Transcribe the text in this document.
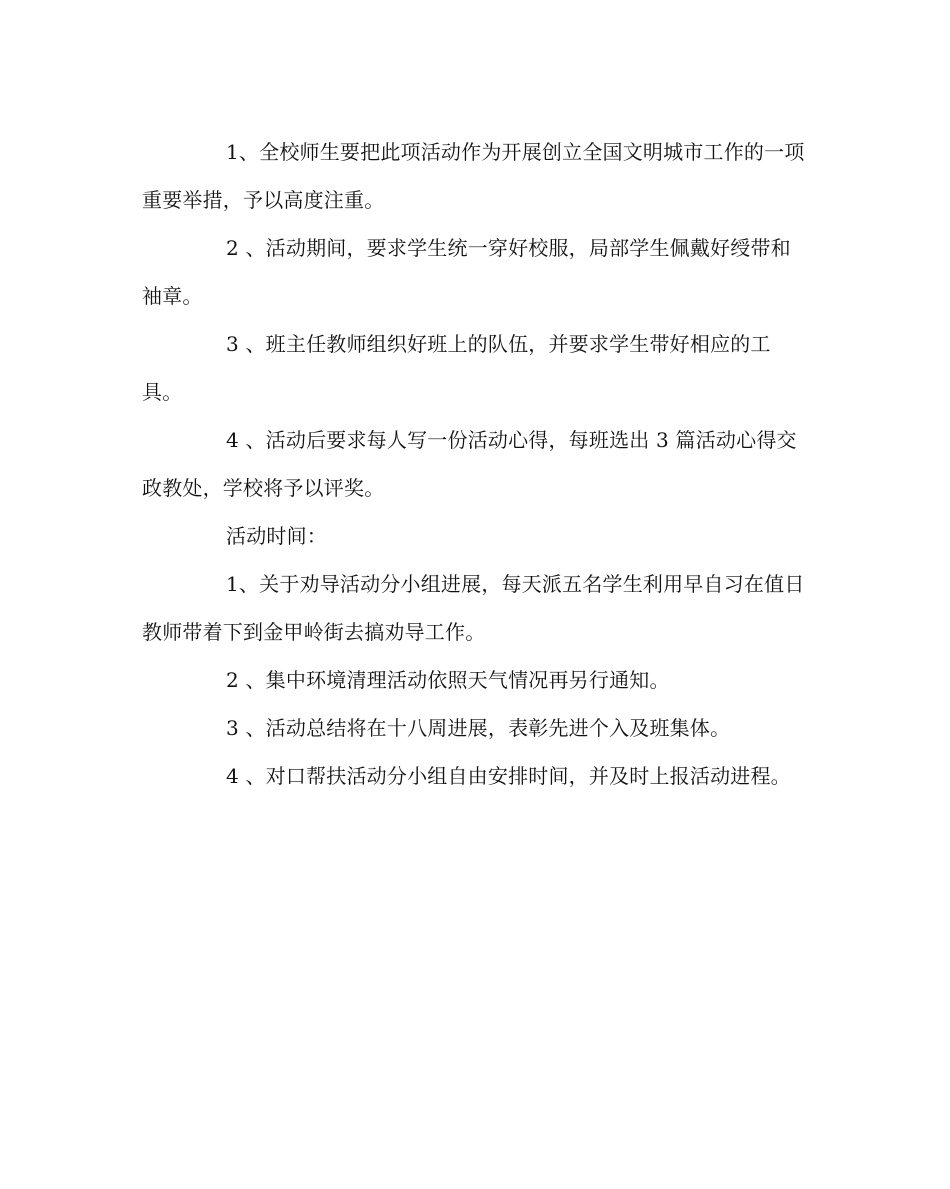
1、全校师生要把此项活动作为开展创立全国文明城市工作的一项重要举措，予以高度注重。

2 、活动期间，要求学生统一穿好校服，局部学生佩戴好绶带和袖章。

3 、班主任教师组织好班上的队伍，并要求学生带好相应的工具。

4 、活动后要求每人写一份活动心得，每班选出 3 篇活动心得交政教处，学校将予以评奖。

活动时间：

1、关于劝导活动分小组进展，每天派五名学生利用早自习在值日教师带着下到金甲岭街去搞劝导工作。

2 、集中环境清理活动依照天气情况再另行通知。

3 、活动总结将在十八周进展，表彰先进个入及班集体。

4 、对口帮扶活动分小组自由安排时间，并及时上报活动进程。
